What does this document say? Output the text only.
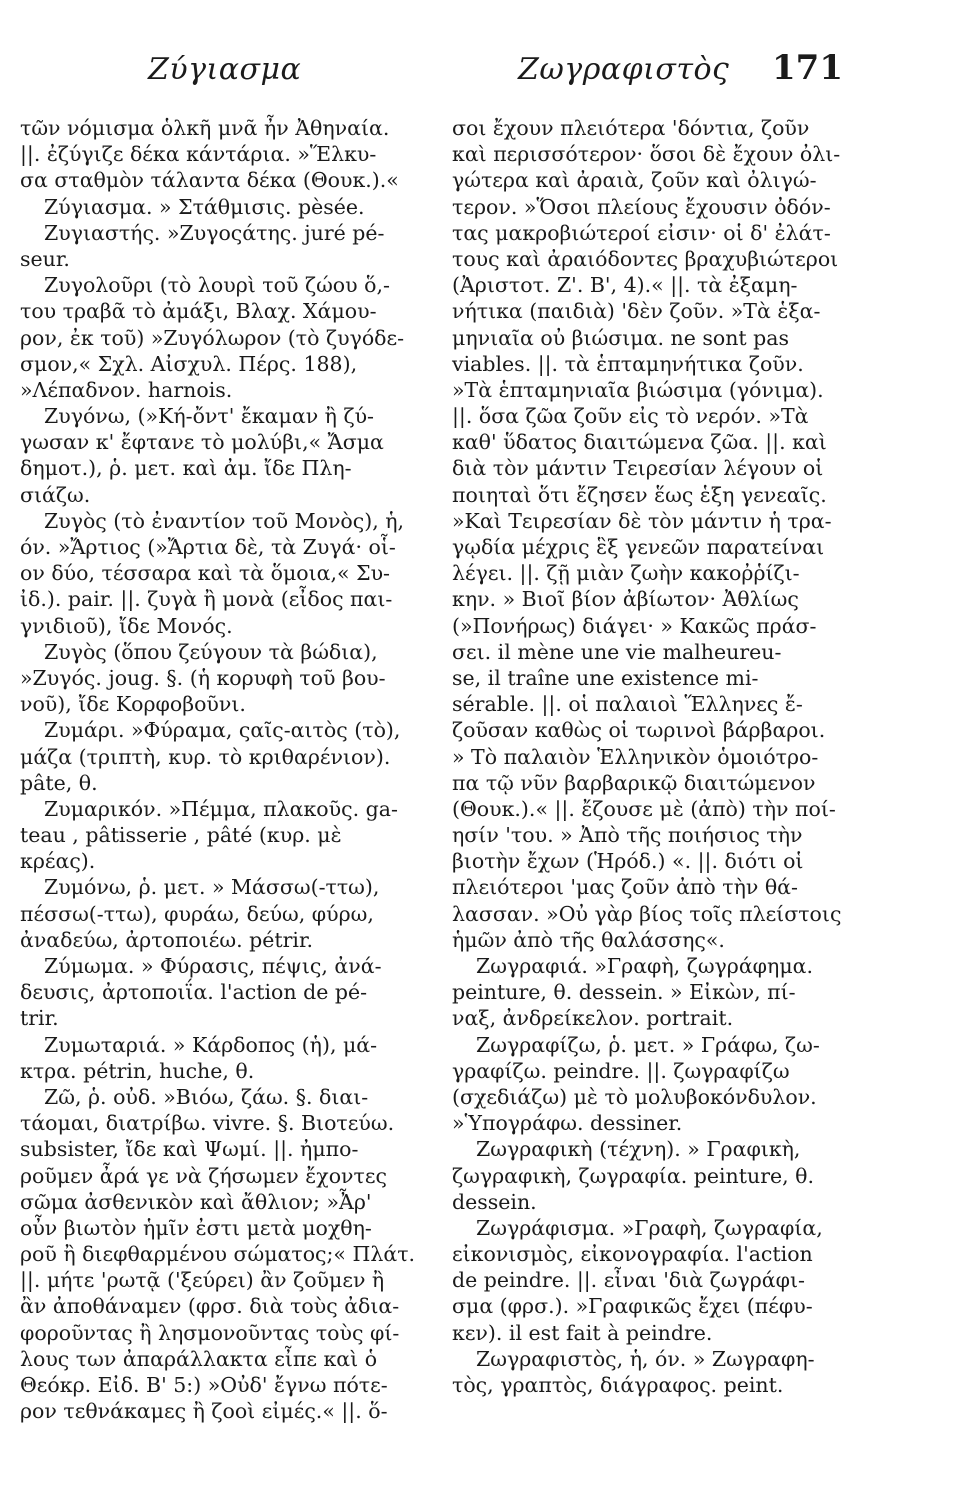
Ζύγιασμα	Ζωγραφιστὸς 171
τῶν νόμισμα ὁλκῆ μνᾶ ἦν Ἀθηναία.
||. ἐζύγιζε δέκα κάντάρια. »Ἕλκυ-
σα σταθμὸν τάλαντα δέκα (Θουκ.).«
Ζύγιασμα. » Στάθμισις. pèsée.
Ζυγιαστής. »Ζυγοςάτης. juré pé-
seur.
Ζυγολοῦρι (τὸ λουρὶ τοῦ ζώου ὅ,-
του τραβᾶ τὸ ἀμάξι, Βλαχ. Χάμου-
ρον, ἐκ τοῦ) »Ζυγόλωρον (τὸ ζυγόδε-
σμον,« Σχλ. Αἰσχυλ. Πέρς. 188),
»Λέπαδνον. harnois.
Ζυγόνω, (»Κή-ὄντ' ἔκαμαν ἢ ζύ-
γωσαν κ' ἔφτανε τὸ μολύβι,« Ἄσμα
δημοτ.), ῥ. μετ. καὶ ἀμ. ἴδε Πλη-
σιάζω.
Ζυγὸς (τὸ ἐναντίον τοῦ Μονὸς), ἡ,
όν. »Ἄρτιος (»Ἄρτια δὲ, τὰ Ζυγά· οἷ-
ον δύο, τέσσαρα καὶ τὰ ὅμοια,« Συ-
ἰδ.). pair. ||. ζυγὰ ἢ μονὰ (εἶδος παι-
γνιδιοῦ), ἴδε Μονός.
Ζυγὸς (ὅπου ζεύγουν τὰ βώδια),
»Ζυγός. joug. §. (ἡ κορυφὴ τοῦ βου-
νοῦ), ἴδε Κορφοβοῦνι.
Ζυμάρι. »Φύραμα, ςαῖς-αιτὸς (τὸ),
μάζα (τριπτὴ, κυρ. τὸ κριθαρένιον).
pâte, θ.
Ζυμαρικόν. »Πέμμα, πλακοῦς. ga-
teau , pâtisserie , pâté (κυρ. μὲ
κρέας).
Ζυμόνω, ῥ. μετ. » Μάσσω(-ττω),
πέσσω(-ττω), φυράω, δεύω, φύρω,
ἀναδεύω, ἀρτοποιέω. pétrir.
Ζύμωμα. » Φύρασις, πέψις, ἀνά-
δευσις, ἀρτοποιΐα. l'action de pé-
trir.
Ζυμωταριά. » Κάρδοπος (ἡ), μά-
κτρα. pétrin, huche, θ.
Ζῶ, ῥ. οὐδ. »Βιόω, ζάω. §. διαι-
τάομαι, διατρίβω. vivre. §. Βιοτεύω.
subsister, ἴδε καὶ Ψωμί. ||. ἠμπο-
ροῦμεν ἆρά γε νὰ ζήσωμεν ἔχοντες
σῶμα ἀσθενικὸν καὶ ἄθλιον; »Ἆρ'
οὖν βιωτὸν ἡμῖν ἐστι μετὰ μοχθη-
ροῦ ἢ διεφθαρμένου σώματος;« Πλάτ.
||. μήτε 'ρωτᾷ ('ξεύρει) ἂν ζοῦμεν ἢ
ἂν ἀποθάναμεν (φρσ. διὰ τοὺς ἀδια-
φοροῦντας ἢ λησμονοῦντας τοὺς φί-
λους των ἀπαράλλακτα εἶπε καὶ ὁ
Θεόκρ. Εἰδ. Β' 5:) »Οὐδ' ἔγνω πότε-
ρον τεθνάκαμες ἢ ζοοὶ εἰμές.« ||. ὅ-
σοι ἔχουν πλειότερα 'δόντια, ζοῦν
καὶ περισσότερον· ὅσοι δὲ ἔχουν ὀλι-
γώτερα καὶ ἀραιὰ, ζοῦν καὶ ὀλιγώ-
τερον. »Ὅσοι πλείους ἔχουσιν ὀδόν-
τας μακροβιώτεροί εἰσιν· οἱ δ' ἐλάτ-
τους καὶ ἀραιόδοντες βραχυβιώτεροι
(Ἀριστοτ. Ζ'. Β', 4).« ||. τὰ ἐξαμη-
νήτικα (παιδιὰ) 'δὲν ζοῦν. »Τὰ ἑξα-
μηνιαῖα οὐ βιώσιμα. ne sont pas
viables. ||. τὰ ἑπταμηνήτικα ζοῦν.
»Τὰ ἑπταμηνιαῖα βιώσιμα (γόνιμα).
||. ὅσα ζῶα ζοῦν εἰς τὸ νερόν. »Τὰ
καθ' ὕδατος διαιτώμενα ζῶα. ||. καὶ
διὰ τὸν μάντιν Τειρεσίαν λέγουν οἱ
ποιηταὶ ὅτι ἔζησεν ἕως ἑξη γενεαῖς.
»Καὶ Τειρεσίαν δὲ τὸν μάντιν ἡ τρα-
γῳδία μέχρις ἓξ γενεῶν παρατείναι
λέγει. ||. ζῇ μιὰν ζωὴν κακοῤῥίζι-
κην. » Βιοῖ βίον ἀβίωτον· Ἀθλίως
(»Πονήρως) διάγει· » Κακῶς πράσ-
σει. il mène une vie malheureu-
se, il traîne une existence mi-
sérable. ||. οἱ παλαιοὶ Ἕλληνες ἔ-
ζοῦσαν καθὼς οἱ τωρινοὶ βάρβαροι.
» Τὸ παλαιὸν Ἑλληνικὸν ὁμοιότρο-
πα τῷ νῦν βαρβαρικῷ διαιτώμενον
(Θουκ.).« ||. ἔζουσε μὲ (ἀπὸ) τὴν ποί-
ησίν 'του. » Ἀπὸ τῆς ποιήσιος τὴν
βιοτὴν ἔχων (Ἡρόδ.) «. ||. διότι οἱ
πλειότεροι 'μας ζοῦν ἀπὸ τὴν θά-
λασσαν. »Οὐ γὰρ βίος τοῖς πλείστοις
ἡμῶν ἀπὸ τῆς θαλάσσης«.
Ζωγραφιά. »Γραφὴ, ζωγράφημα.
peinture, θ. dessein. » Εἰκὼν, πί-
ναξ, ἀνδρείκελον. portrait.
Ζωγραφίζω, ῥ. μετ. » Γράφω, ζω-
γραφίζω. peindre. ||. ζωγραφίζω
(σχεδιάζω) μὲ τὸ μολυβοκόνδυλον.
»Ὑπογράφω. dessiner.
Ζωγραφικὴ (τέχνη). » Γραφικὴ,
ζωγραφικὴ, ζωγραφία. peinture, θ.
dessein.
Ζωγράφισμα. »Γραφὴ, ζωγραφία,
εἰκονισμὸς, εἰκονογραφία. l'action
de peindre. ||. εἶναι 'διὰ ζωγράφι-
σμα (φρσ.). »Γραφικῶς ἔχει (πέφυ-
κεν). il est fait à peindre.
Ζωγραφιστὸς, ἡ, όν. » Ζωγραφη-
τὸς, γραπτὸς, διάγραφος. peint.
